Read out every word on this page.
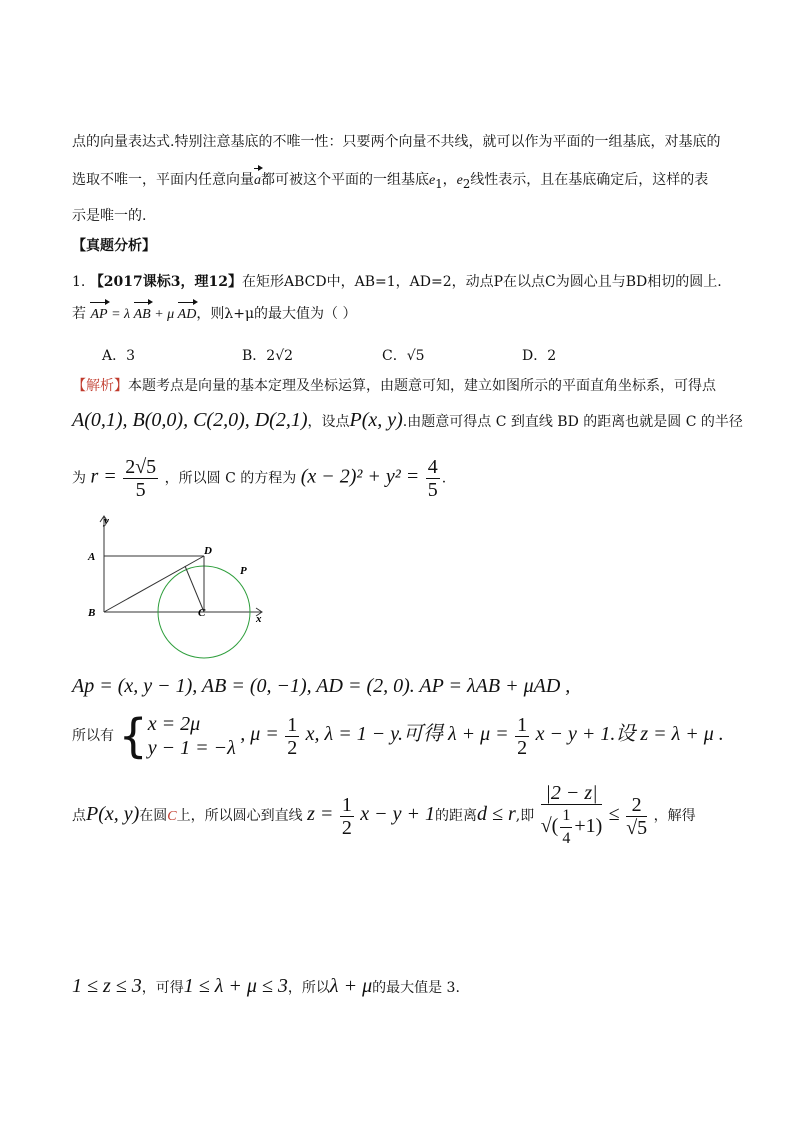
点的向量表达式.特别注意基底的不唯一性：只要两个向量不共线，就可以作为平面的一组基底，对基底的
选取不唯一，平面内任意向量a都可被这个平面的一组基底$e_1$，$e_2$线性表示，且在基底确定后，这样的表
示是唯一的.
【真题分析】
1. 【2017课标3，理12】在矩形ABCD中，AB=1，AD=2，动点P在以点C为圆心且与BD相切的圆上.
若 AP = λ AB + μ AD，则λ+μ的最大值为（ ）
A．3	B．2√2	C．√5	D．2
【解析】本题考点是向量的基本定理及坐标运算，由题意可知，建立如图所示的平面直角坐标系，可得点
A(0,1), B(0,0), C(2,0), D(2,1)，设点P(x, y).由题意可得点 C 到直线 BD 的距离也就是圆 C 的半径
为 $r = \frac{2√5}{5}$ ，所以圆 C 的方程为 $(x - 2)^2 + y^2 = \frac{4}{5}$ .
y
A	D
P
B	C	x
Ap = (x, y − 1), AB = (0, −1), AD = (2, 0). AP = λAB + μAD ,
所以有 { x = 2μ
y − 1 = −λ
, $\mu = \frac{1}{2} x$, λ = 1 − y.可得 $\lambda + \mu = \frac{1}{2}$ x − y + 1.设 z = λ + μ .
点P(x, y)在圆C上，所以圆心到直线 $z = \frac{1}{2}$ x − y + 1的距离d ≤ r,即 $\frac{|2 - z|}{√( \frac{1}{4} +1)} \le \frac{2}{√5}$ ，解得
1 ≤ z ≤ 3，可得1 ≤ λ + μ ≤ 3，所以λ + μ的最大值是 3.
